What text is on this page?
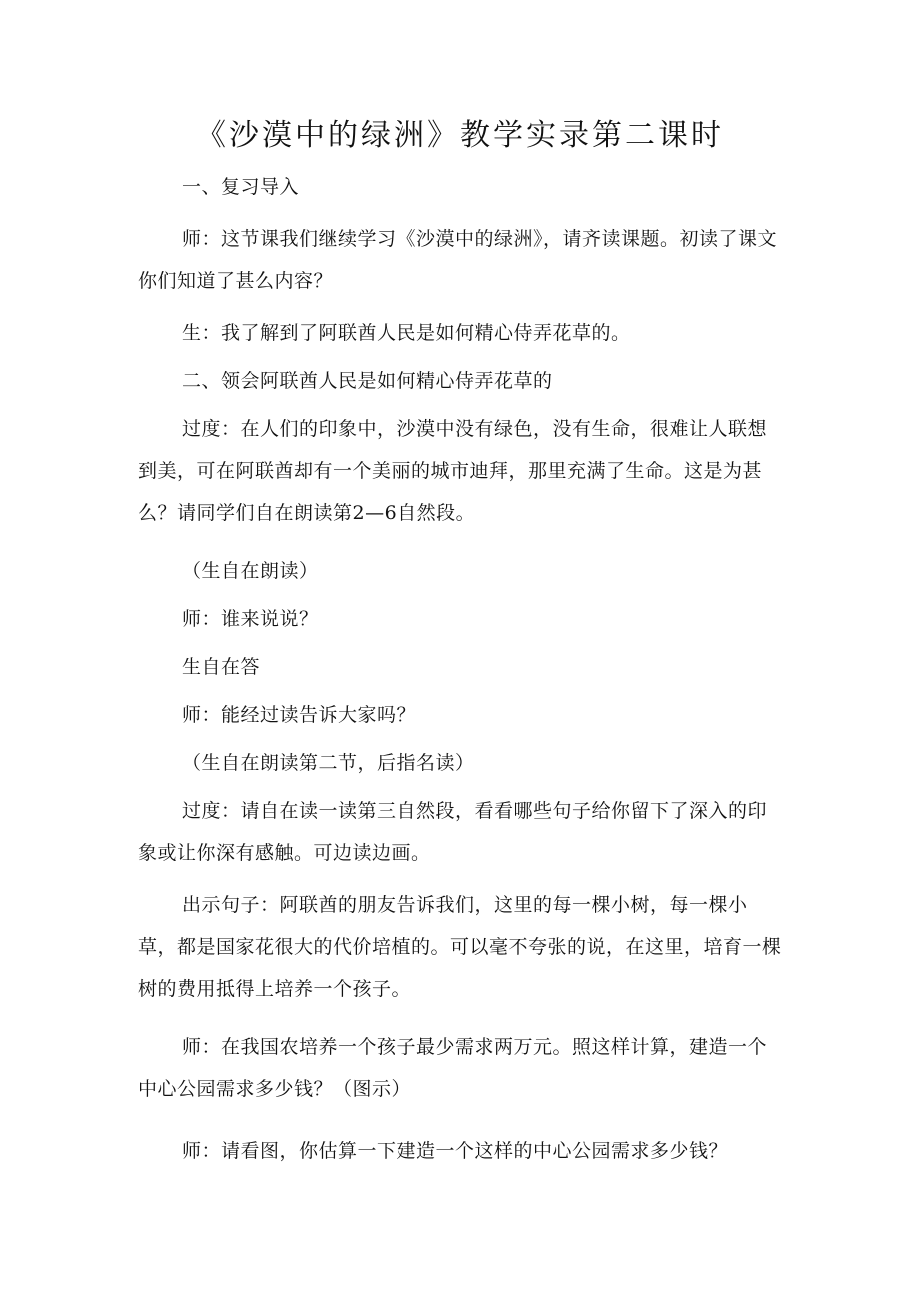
《沙漠中的绿洲》教学实录第二课时

一、复习导入

师：这节课我们继续学习《沙漠中的绿洲》，请齐读课题。初读了课文你们知道了甚么内容？

生：我了解到了阿联酋人民是如何精心侍弄花草的。

二、领会阿联酋人民是如何精心侍弄花草的

过度：在人们的印象中，沙漠中没有绿色，没有生命，很难让人联想到美，可在阿联酋却有一个美丽的城市迪拜，那里充满了生命。这是为甚么？请同学们自在朗读第2—6自然段。

（生自在朗读）

师：谁来说说？

生自在答

师：能经过读告诉大家吗？

（生自在朗读第二节，后指名读）

过度：请自在读一读第三自然段，看看哪些句子给你留下了深入的印象或让你深有感触。可边读边画。

出示句子：阿联酋的朋友告诉我们，这里的每一棵小树，每一棵小草，都是国家花很大的代价培植的。可以毫不夸张的说，在这里，培育一棵树的费用抵得上培养一个孩子。

师：在我国农培养一个孩子最少需求两万元。照这样计算，建造一个中心公园需求多少钱？（图示）

师：请看图，你估算一下建造一个这样的中心公园需求多少钱？
